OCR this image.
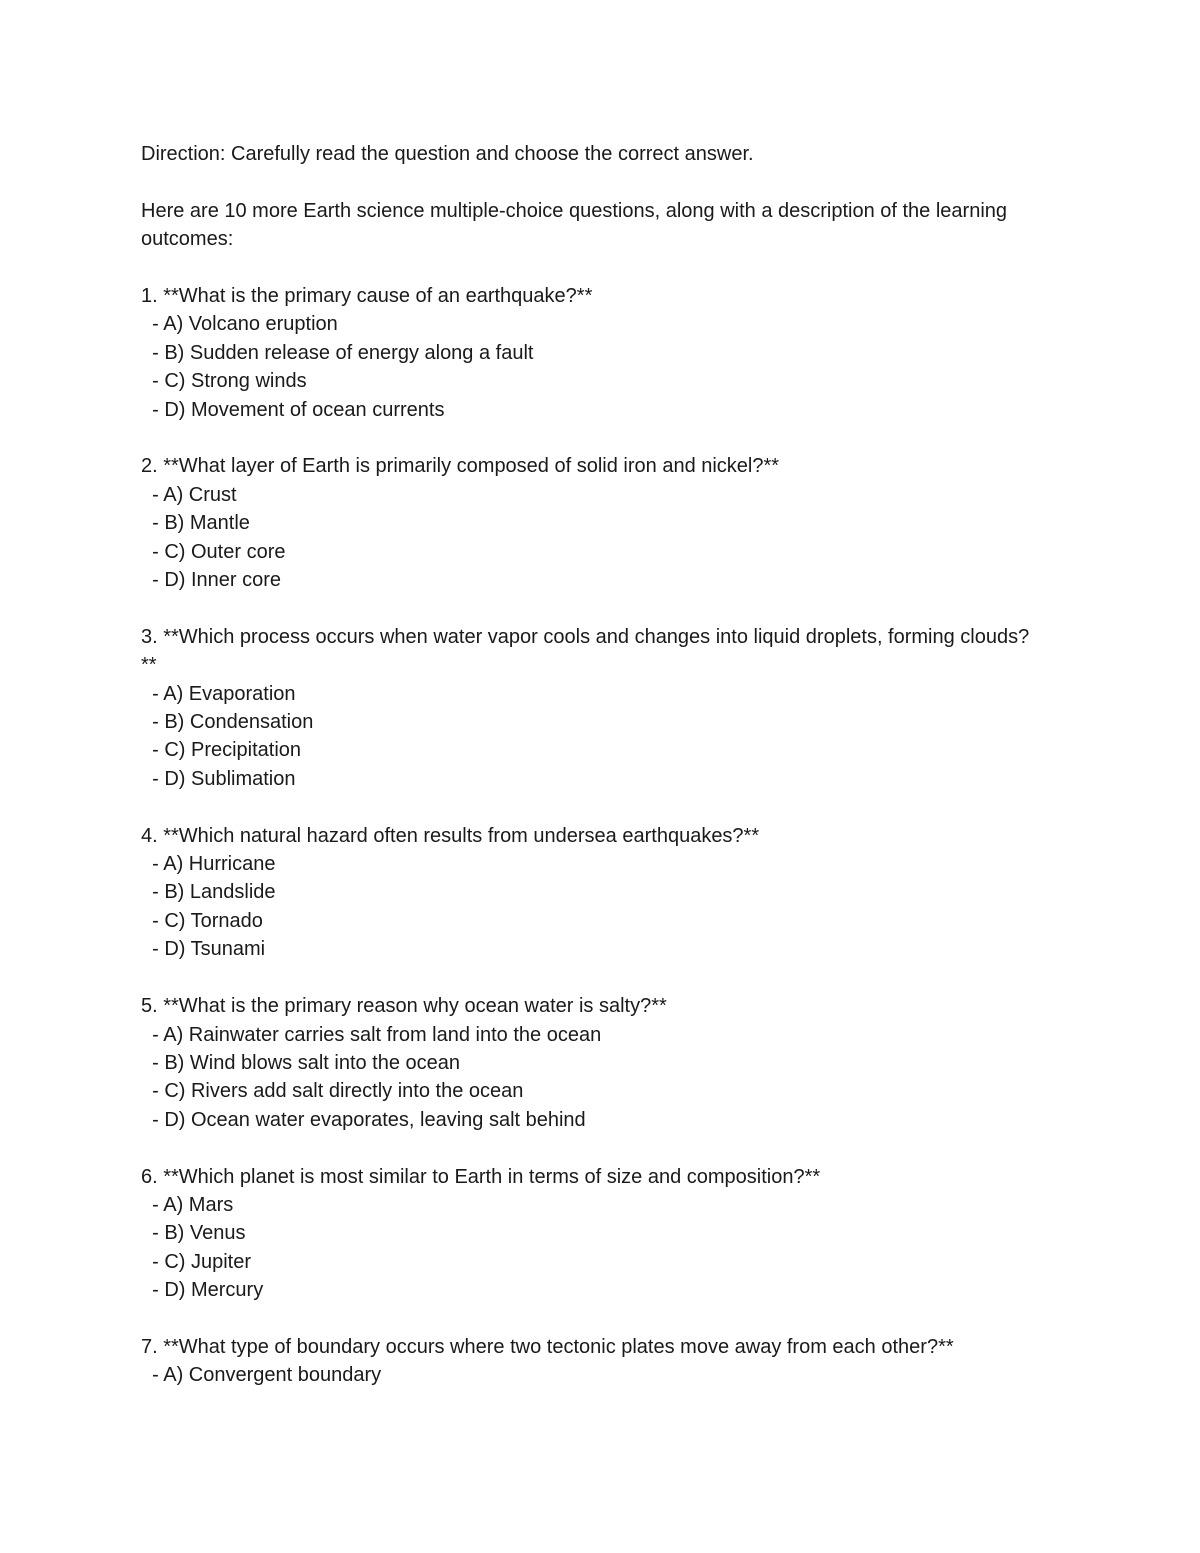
Direction: Carefully read the question and choose the correct answer.

Here are 10 more Earth science multiple-choice questions, along with a description of the learning outcomes:

1. **What is the primary cause of an earthquake?**
- A) Volcano eruption
- B) Sudden release of energy along a fault
- C) Strong winds
- D) Movement of ocean currents
2. **What layer of Earth is primarily composed of solid iron and nickel?**
- A) Crust
- B) Mantle
- C) Outer core
- D) Inner core
3. **Which process occurs when water vapor cools and changes into liquid droplets, forming clouds?**
- A) Evaporation
- B) Condensation
- C) Precipitation
- D) Sublimation
4. **Which natural hazard often results from undersea earthquakes?**
- A) Hurricane
- B) Landslide
- C) Tornado
- D) Tsunami
5. **What is the primary reason why ocean water is salty?**
- A) Rainwater carries salt from land into the ocean
- B) Wind blows salt into the ocean
- C) Rivers add salt directly into the ocean
- D) Ocean water evaporates, leaving salt behind
6. **Which planet is most similar to Earth in terms of size and composition?**
- A) Mars
- B) Venus
- C) Jupiter
- D) Mercury
7. **What type of boundary occurs where two tectonic plates move away from each other?**
- A) Convergent boundary
